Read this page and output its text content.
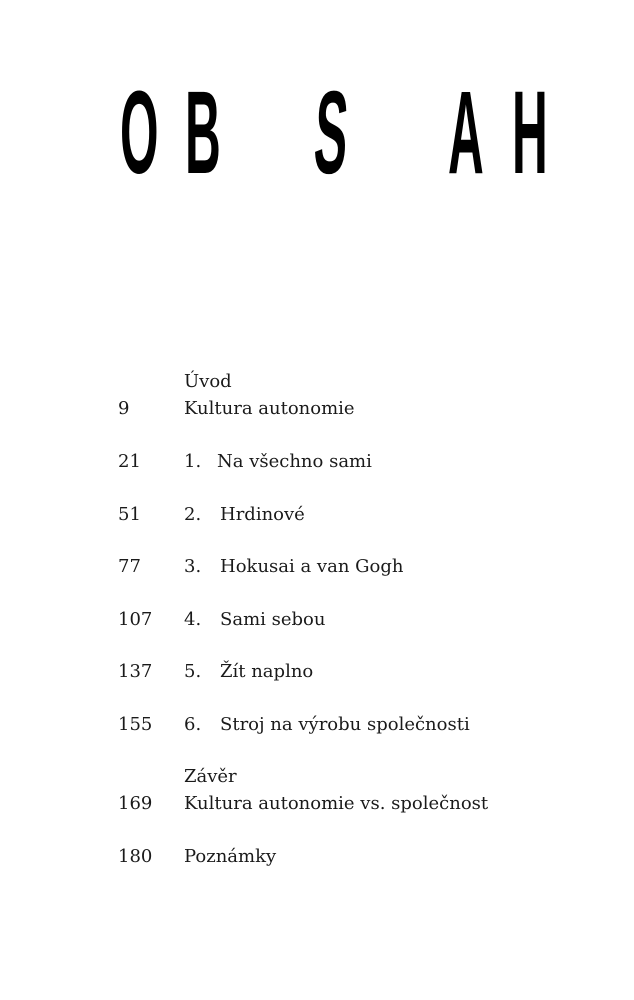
O B S A H
Úvod
9	Kultura autonomie
21 1. Na všechno sami
51 2. Hrdinové
77 3. Hokusai a van Gogh
107 4. Sami sebou
137 5. Žít naplno
155 6. Stroj na výrobu společnosti
Závěr
169 Kultura autonomie vs. společnost
180 Poznámky
